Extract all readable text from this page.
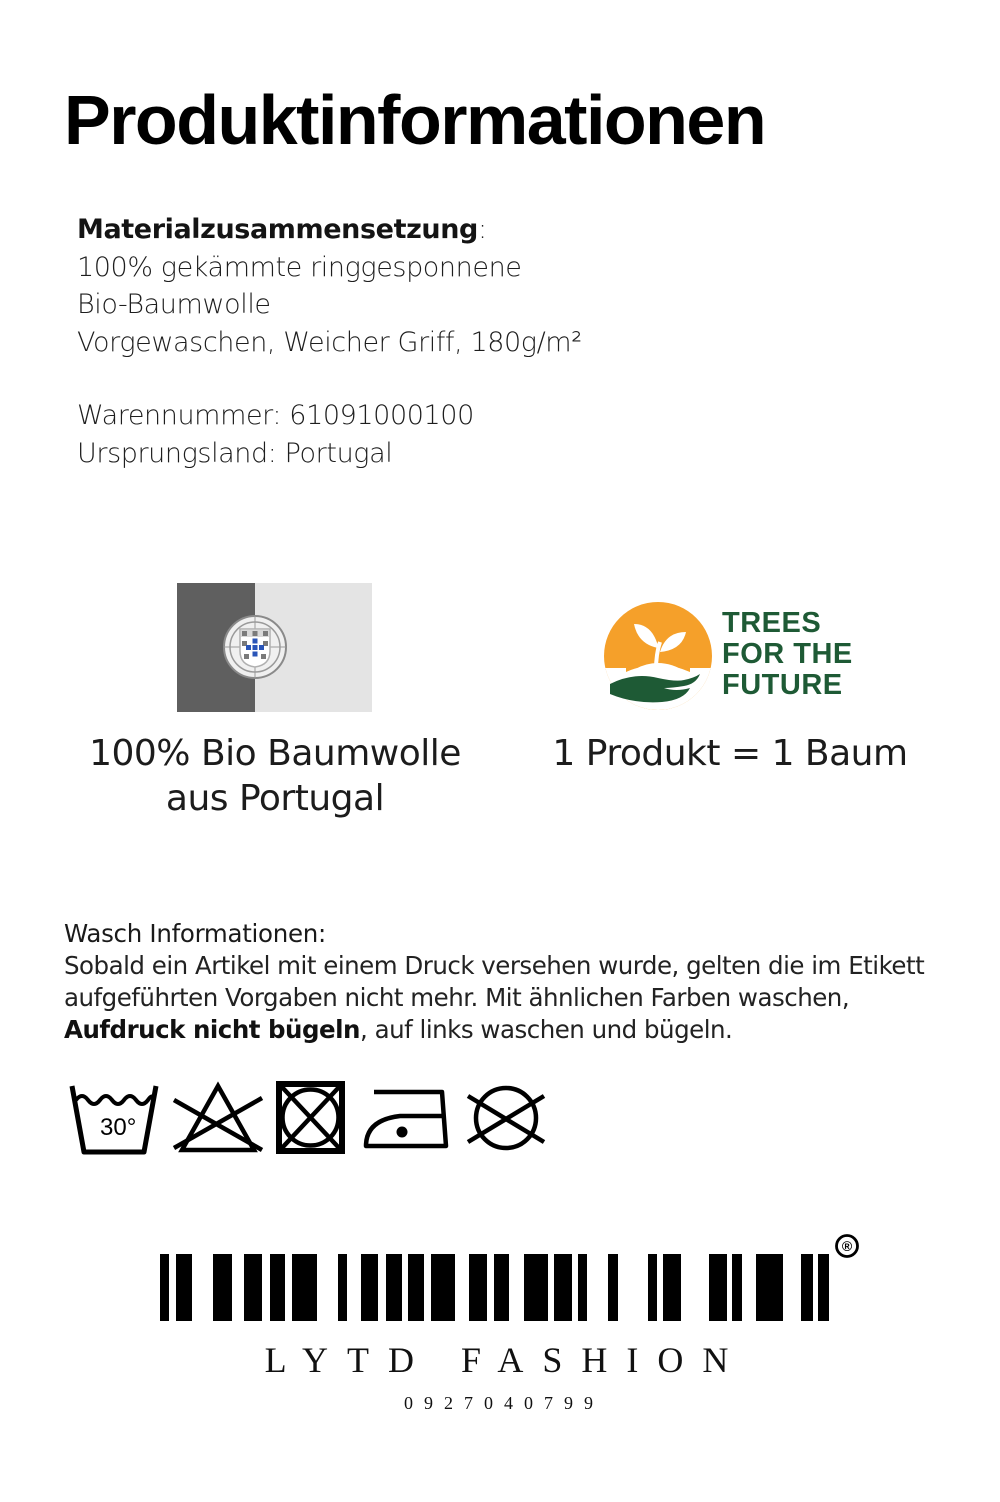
Produktinformationen
Materialzusammensetzung:
100% gekämmte ringgesponnene
Bio-Baumwolle
Vorgewaschen, Weicher Griff, 180g/m²
Warennummer: 61091000100
Ursprungsland: Portugal
TREES
FOR THE
FUTURE
100% Bio Baumwolle
aus Portugal
1 Produkt = 1 Baum
Wasch Informationen:
Sobald ein Artikel mit einem Druck versehen wurde, gelten die im Etikett aufgeführten Vorgaben nicht mehr. Mit ähnlichen Farben waschen, Aufdruck nicht bügeln, auf links waschen und bügeln.
30°
®
LYTD FASHION
0927040799
